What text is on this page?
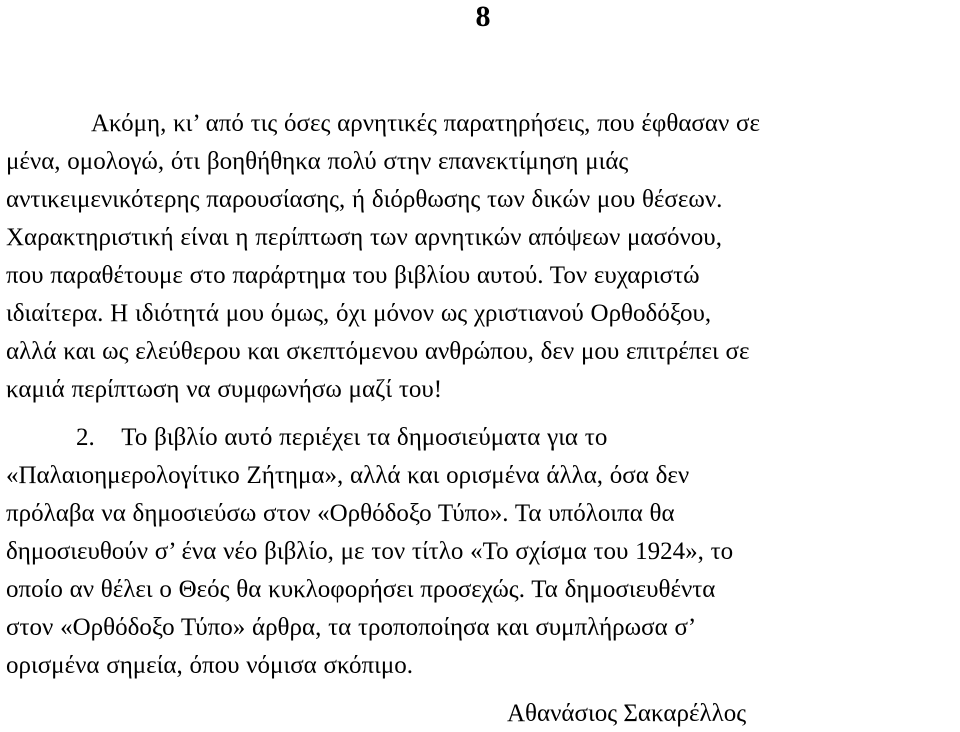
8
Ακόμη, κι’ από τις όσες αρνητικές παρατηρήσεις, που έφθασαν σε
μένα, ομολογώ, ότι βοηθήθηκα πολύ στην επανεκτίμηση μιάς
αντικειμενικότερης παρουσίασης, ή διόρθωσης των δικών μου θέσεων.
Χαρακτηριστική είναι η περίπτωση των αρνητικών απόψεων μασόνου,
που παραθέτουμε στο παράρτημα του βιβλίου αυτού. Τον ευχαριστώ
ιδιαίτερα. Η ιδιότητά μου όμως, όχι μόνον ως χριστιανού Ορθοδόξου,
αλλά και ως ελεύθερου και σκεπτόμενου ανθρώπου, δεν μου επιτρέπει σε
καμιά περίπτωση να συμφωνήσω μαζί του!
2.    Το βιβλίο αυτό περιέχει τα δημοσιεύματα για το
«Παλαιοημερολογίτικο Ζήτημα», αλλά και ορισμένα άλλα, όσα δεν
πρόλαβα να δημοσιεύσω στον «Ορθόδοξο Τύπο». Τα υπόλοιπα θα
δημοσιευθούν σ’ ένα νέο βιβλίο, με τον τίτλο «Το σχίσμα του 1924», το
οποίο αν θέλει ο Θεός θα κυκλοφορήσει προσεχώς. Τα δημοσιευθέντα
στον «Ορθόδοξο Τύπο» άρθρα, τα τροποποίησα και συμπλήρωσα σ’
ορισμένα σημεία, όπου νόμισα σκόπιμο.
Αθανάσιος Σακαρέλλος
